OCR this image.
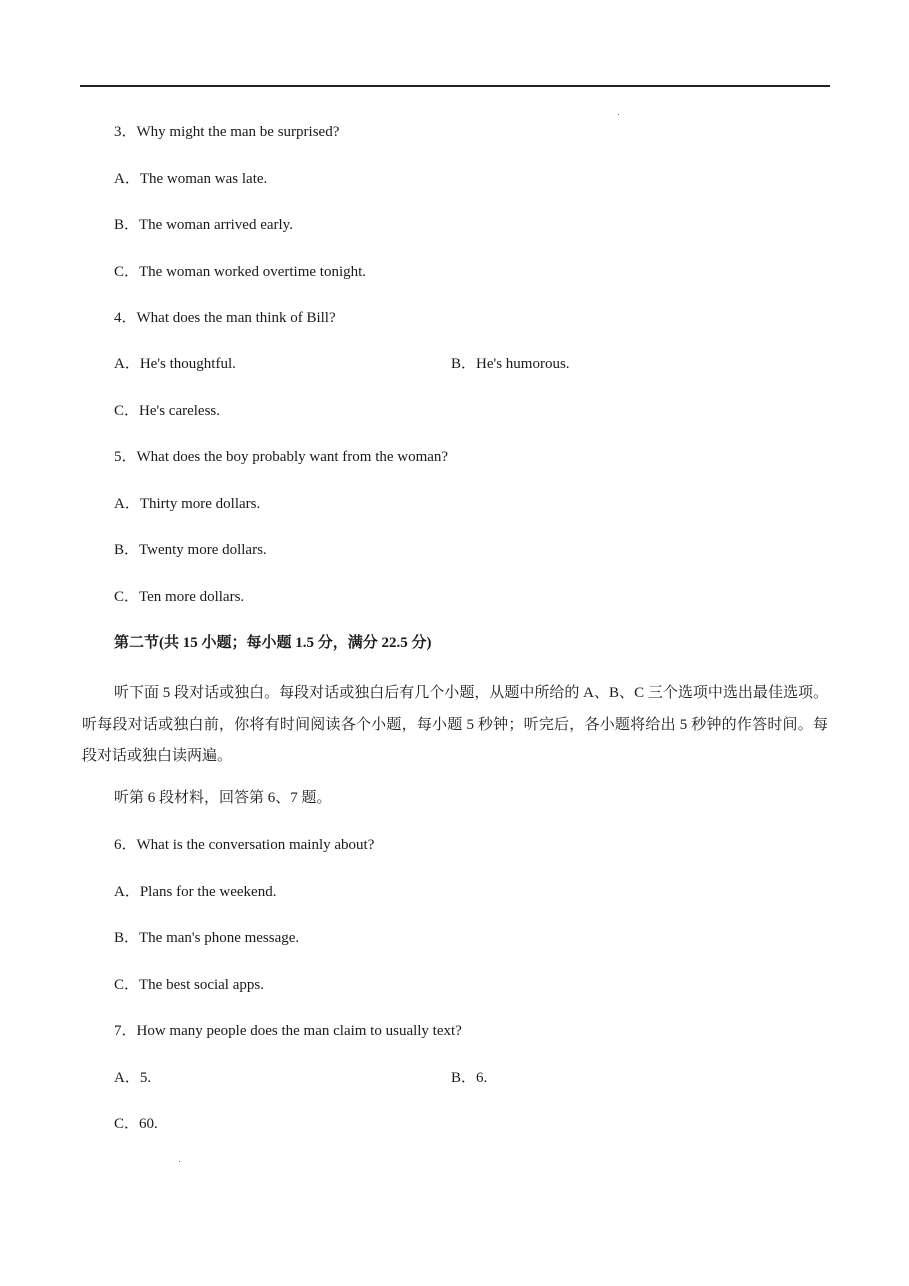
3．Why might the man be surprised?
A．The woman was late.
B．The woman arrived early.
C．The woman worked overtime tonight.
4．What does the man think of Bill?
A．He's thoughtful.	B．He's humorous.
C．He's careless.
5．What does the boy probably want from the woman?
A．Thirty more dollars.
B．Twenty more dollars.
C．Ten more dollars.
第二节(共 15 小题；每小题 1.5 分，满分 22.5 分)
听下面 5 段对话或独白。每段对话或独白后有几个小题，从题中所给的 A、B、C 三个选项中选出最佳选项。听每段对话或独白前，你将有时间阅读各个小题，每小题 5 秒钟；听完后，各小题将给出 5 秒钟的作答时间。每段对话或独白读两遍。
听第 6 段材料，回答第 6、7 题。
6．What is the conversation mainly about?
A．Plans for the weekend.
B．The man's phone message.
C．The best social apps.
7．How many people does the man claim to usually text?
A．5.	B．6.
C．60.
